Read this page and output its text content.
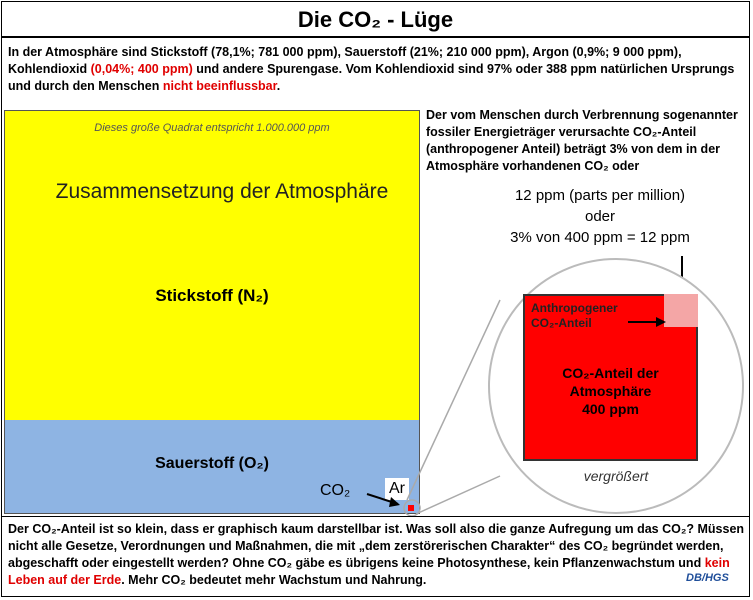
Die CO₂ - Lüge
In der Atmosphäre sind Stickstoff (78,1%; 781 000 ppm), Sauerstoff (21%; 210 000 ppm), Argon (0,9%; 9 000 ppm), Kohlendioxid (0,04%; 400 ppm) und andere Spurengase. Vom Kohlendioxid sind 97% oder 388 ppm natürlichen Ursprungs und durch den Menschen nicht beeinflussbar.
Dieses große Quadrat entspricht 1.000.000 ppm
Zusammensetzung der Atmosphäre
Stickstoff (N₂)
Sauerstoff (O₂)
CO₂ Ar
Der vom Menschen durch Verbrennung sogenannter fossiler Energieträger verursachte CO₂-Anteil (anthropogener Anteil) beträgt 3% von dem in der Atmosphäre vorhandenen CO₂ oder
12 ppm (parts per million)
oder
3% von 400 ppm = 12 ppm
Anthropogener
CO₂-Anteil
CO₂-Anteil der
Atmosphäre
400 ppm
vergrößert
Der CO₂-Anteil ist so klein, dass er graphisch kaum darstellbar ist. Was soll also die ganze Aufregung um das CO₂? Müssen nicht alle Gesetze, Verordnungen und Maßnahmen, die mit „dem zerstörerischen Charakter“ des CO₂ begründet werden, abgeschafft oder eingestellt werden? Ohne CO₂ gäbe es übrigens keine Photosynthese, kein Pflanzenwachstum und kein Leben auf der Erde. Mehr CO₂ bedeutet mehr Wachstum und Nahrung.	DB/HGS
